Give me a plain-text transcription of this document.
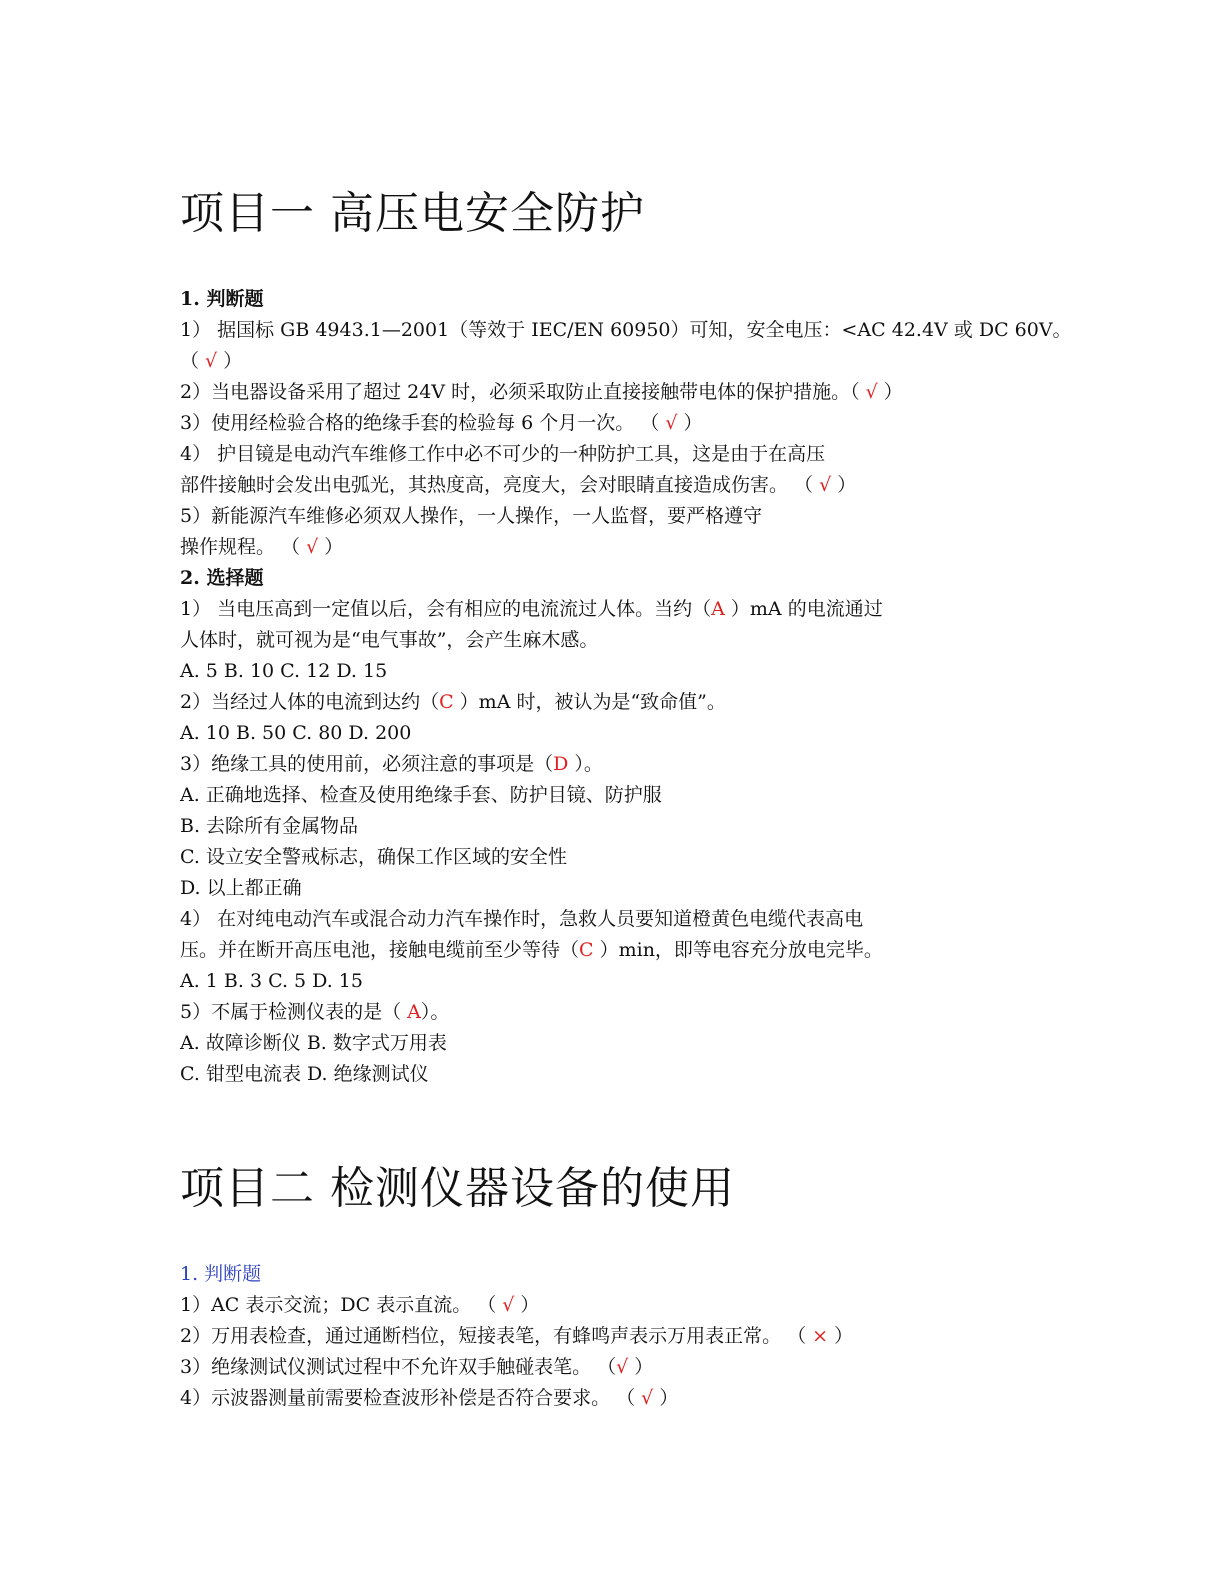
项目一 高压电安全防护
1. 判断题
1） 据国标 GB 4943.1—2001（等效于 IEC/EN 60950）可知，安全电压：<AC 42.4V 或 DC 60V。
（ √ ）
2）当电器设备采用了超过 24V 时，必须采取防止直接接触带电体的保护措施。（ √ ）
3）使用经检验合格的绝缘手套的检验每 6 个月一次。 （ √ ）
4） 护目镜是电动汽车维修工作中必不可少的一种防护工具，这是由于在高压
部件接触时会发出电弧光，其热度高，亮度大，会对眼睛直接造成伤害。 （ √ ）
5）新能源汽车维修必须双人操作，一人操作，一人监督，要严格遵守
操作规程。 （ √ ）
2. 选择题
1） 当电压高到一定值以后，会有相应的电流流过人体。当约（A ）mA 的电流通过
人体时，就可视为是“电气事故”，会产生麻木感。
A. 5 B. 10 C. 12 D. 15
2）当经过人体的电流到达约（C ）mA 时，被认为是“致命值”。
A. 10 B. 50 C. 80 D. 200
3）绝缘工具的使用前，必须注意的事项是（D ）。
A. 正确地选择、检查及使用绝缘手套、防护目镜、防护服
B. 去除所有金属物品
C. 设立安全警戒标志，确保工作区域的安全性
D. 以上都正确
4） 在对纯电动汽车或混合动力汽车操作时，急救人员要知道橙黄色电缆代表高电
压。并在断开高压电池，接触电缆前至少等待（C ）min，即等电容充分放电完毕。
A. 1 B. 3 C. 5 D. 15
5）不属于检测仪表的是（ A）。
A. 故障诊断仪 B. 数字式万用表
C. 钳型电流表 D. 绝缘测试仪
项目二 检测仪器设备的使用
1. 判断题
1）AC 表示交流；DC 表示直流。 （ √ ）
2）万用表检查，通过通断档位，短接表笔，有蜂鸣声表示万用表正常。 （ × ）
3）绝缘测试仪测试过程中不允许双手触碰表笔。 （√ ）
4）示波器测量前需要检查波形补偿是否符合要求。 （ √ ）
